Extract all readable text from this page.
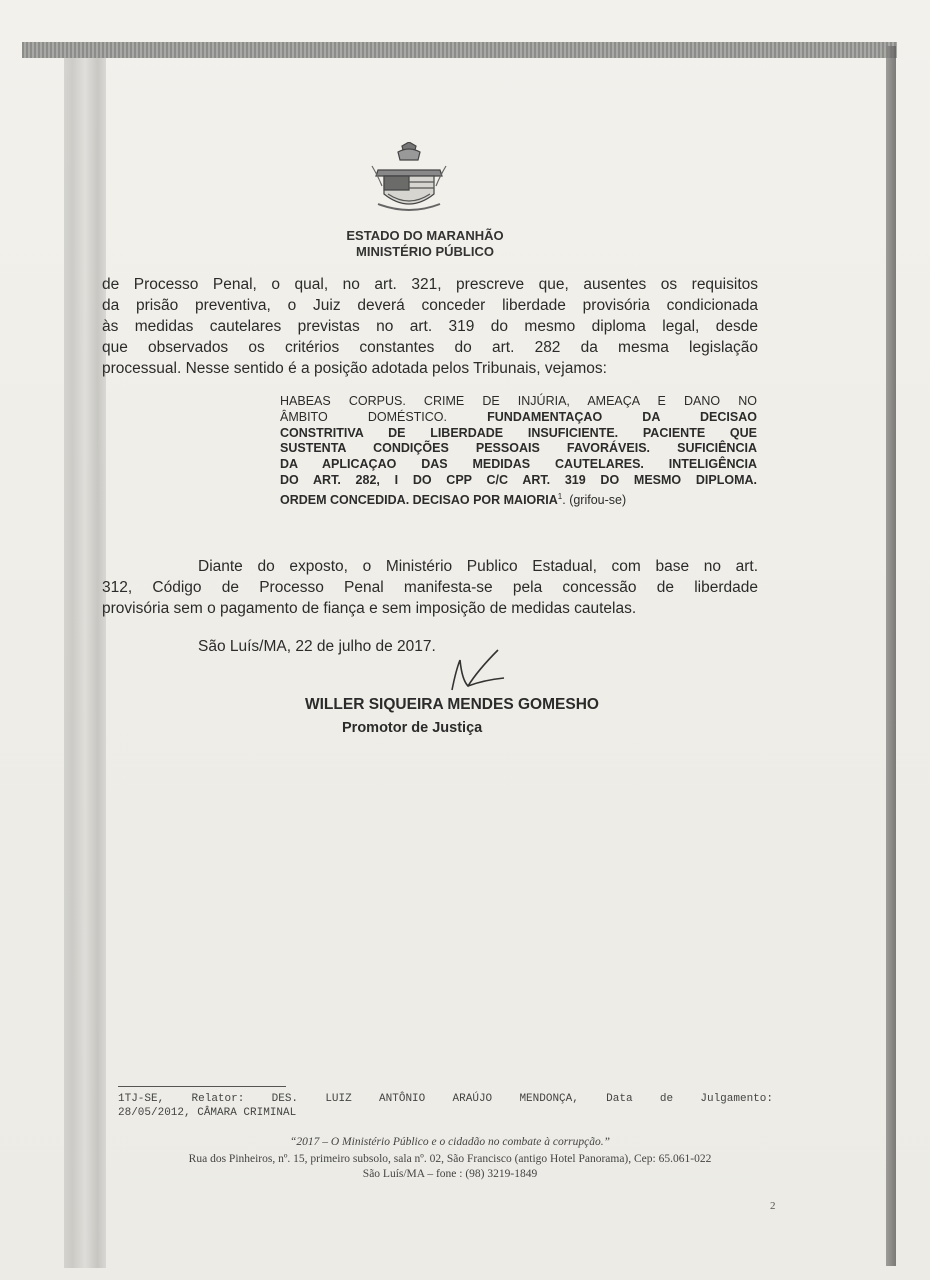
ESTADO DO MARANHÃO
MINISTÉRIO PÚBLICO
de Processo Penal, o qual, no art. 321, prescreve que, ausentes os requisitos
da prisão preventiva, o Juiz deverá conceder liberdade provisória condicionada
às medidas cautelares previstas no art. 319 do mesmo diploma legal, desde
que observados os critérios constantes do art. 282 da mesma legislação
processual. Nesse sentido é a posição adotada pelos Tribunais, vejamos:
HABEAS CORPUS. CRIME DE INJÚRIA, AMEAÇA E DANO NO
ÂMBITO DOMÉSTICO.	FUNDAMENTAÇAO DA DECISAO
CONSTRITIVA DE LIBERDADE INSUFICIENTE. PACIENTE QUE
SUSTENTA CONDIÇÕES PESSOAIS FAVORÁVEIS. SUFICIÊNCIA
DA APLICAÇAO DAS MEDIDAS CAUTELARES. INTELIGÊNCIA
DO ART. 282, I DO CPP C/C ART. 319 DO MESMO DIPLOMA.
ORDEM CONCEDIDA. DECISAO POR MAIORIA$^1$. (grifou-se)
Diante do exposto, o Ministério Publico Estadual, com base no art.
312, Código de Processo Penal manifesta-se pela concessão de liberdade
provisória sem o pagamento de fiança e sem imposição de medidas cautelas.
São Luís/MA, 22 de julho de 2017.
WILLER SIQUEIRA MENDES GOMESHO
Promotor de Justiça
1TJ-SE, Relator: DES. LUIZ ANTÔNIO ARAÚJO MENDONÇA, Data de Julgamento:
28/05/2012, CÂMARA CRIMINAL
“2017 – O Ministério Público e o cidadão no combate à corrupção.”
Rua dos Pinheiros, nº. 15, primeiro subsolo, sala nº. 02, São Francisco (antigo Hotel Panorama), Cep: 65.061-022
São Luís/MA – fone : (98) 3219-1849
2
